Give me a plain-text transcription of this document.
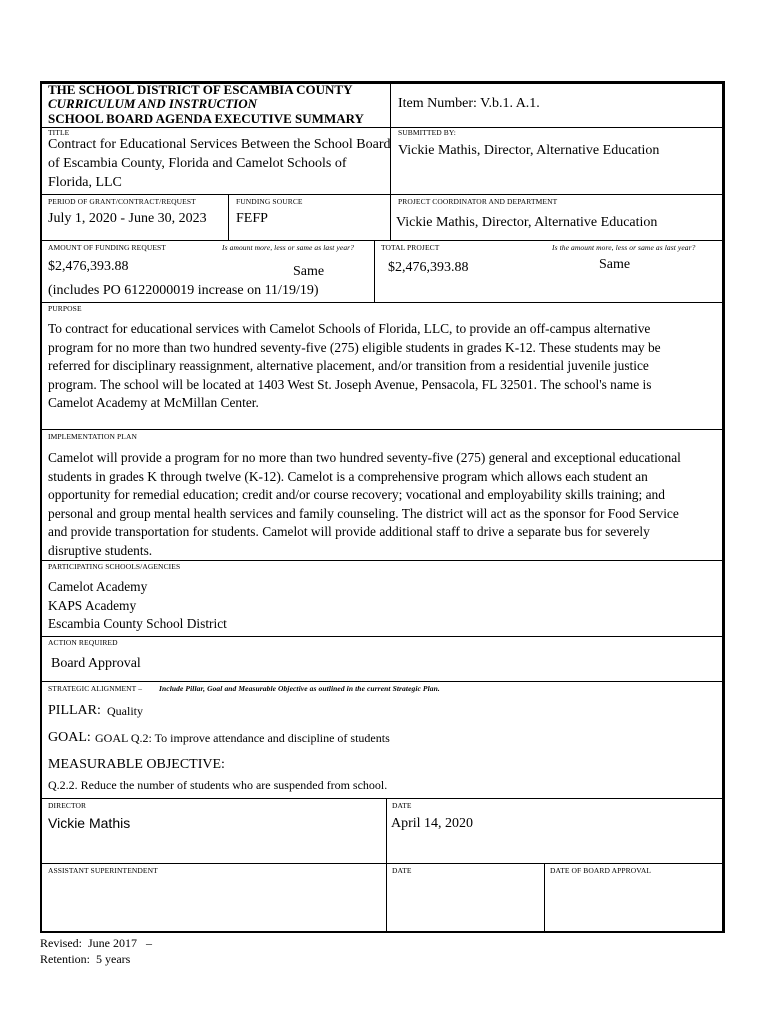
THE SCHOOL DISTRICT OF ESCAMBIA COUNTY
CURRICULUM AND INSTRUCTION
SCHOOL BOARD AGENDA EXECUTIVE SUMMARY
Item Number: V.b.1. A.1.
TITLE
Contract for Educational Services Between the School Board
of Escambia County, Florida and Camelot Schools of
Florida, LLC
SUBMITTED BY:
Vickie Mathis, Director, Alternative Education
PERIOD OF GRANT/CONTRACT/REQUEST
July 1, 2020 - June 30, 2023
FUNDING SOURCE
FEFP
PROJECT COORDINATOR AND DEPARTMENT
Vickie Mathis, Director, Alternative Education
AMOUNT OF FUNDING REQUEST	Is amount more, less or same as last year?
$2,476,393.88	Same
(includes PO 6122000019 increase on 11/19/19)
TOTAL PROJECT	Is the amount more, less or same as last year?
$2,476,393.88	Same
PURPOSE
To contract for educational services with Camelot Schools of Florida, LLC, to provide an off-campus alternative
program for no more than two hundred seventy-five (275) eligible students in grades K-12. These students may be
referred for disciplinary reassignment, alternative placement, and/or transition from a residential juvenile justice
program. The school will be located at 1403 West St. Joseph Avenue, Pensacola, FL 32501. The school's name is
Camelot Academy at McMillan Center.
IMPLEMENTATION PLAN
Camelot will provide a program for no more than two hundred seventy-five (275) general and exceptional educational
students in grades K through twelve (K-12). Camelot is a comprehensive program which allows each student an
opportunity for remedial education; credit and/or course recovery; vocational and employability skills training; and
personal and group mental health services and family counseling. The district will act as the sponsor for Food Service
and provide transportation for students. Camelot will provide additional staff to drive a separate bus for severely
disruptive students.
PARTICIPATING SCHOOLS/AGENCIES
Camelot Academy
KAPS Academy
Escambia County School District
ACTION REQUIRED
Board Approval
STRATEGIC ALIGNMENT – Include Pillar, Goal and Measurable Objective as outlined in the current Strategic Plan.
PILLAR: Quality
GOAL: GOAL Q.2: To improve attendance and discipline of students
MEASURABLE OBJECTIVE:
Q.2.2. Reduce the number of students who are suspended from school.
DIRECTOR
Vickie Mathis
DATE
April 14, 2020
ASSISTANT SUPERINTENDENT	DATE	DATE OF BOARD APPROVAL
Revised:  June 2017   –
Retention:  5 years
